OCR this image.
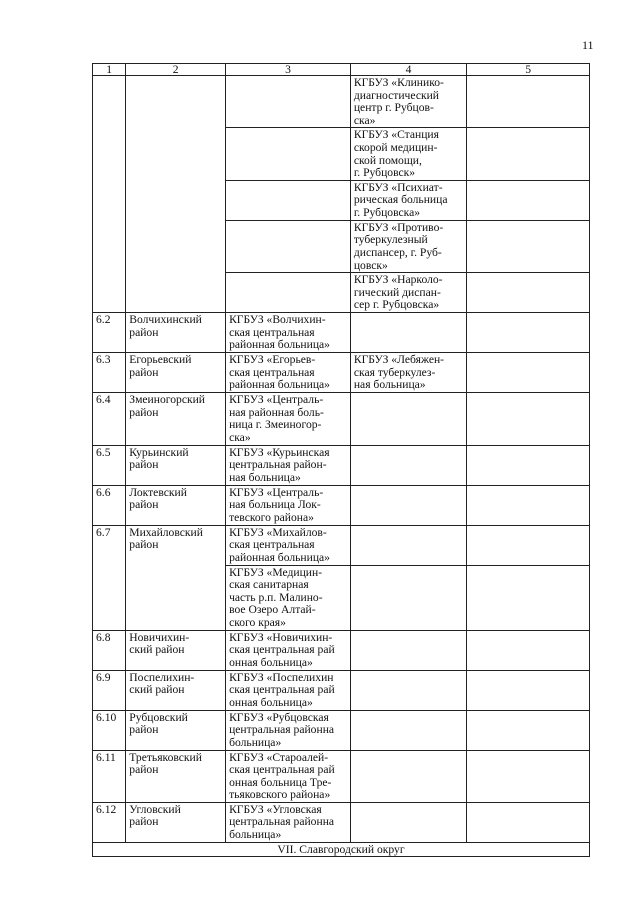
11
1	2	3	4	5

			КГБУЗ «Клинико-
диагностический
центр г. Рубцов-
ска»	

			КГБУЗ «Станция
скорой медицин-
ской помощи,
г. Рубцовск»	

			КГБУЗ «Психиат-
рическая больница
г. Рубцовска»	

			КГБУЗ «Противо-
туберкулезный
диспансер, г. Руб-
цовск»	

			КГБУЗ «Нарколо-
гический диспан-
сер г. Рубцовска»	

6.2	Волчихинский
район	КГБУЗ «Волчихин-
ская центральная
районная больница»		

6.3	Егорьевский
район	КГБУЗ «Егорьев-
ская центральная
районная больница»	КГБУЗ «Лебяжен-
ская туберкулез-
ная больница»	

6.4	Змеиногорский
район	КГБУЗ «Централь-
ная районная боль-
ница г. Змеиногор-
ска»		

6.5	Курьинский
район	КГБУЗ «Курьинская
центральная район-
ная больница»		

6.6	Локтевский
район	КГБУЗ «Централь-
ная больница Лок-
тевского района»		

6.7	Михайловский
район	КГБУЗ «Михайлов-
ская центральная
районная больница»		

		КГБУЗ «Медицин-
ская санитарная
часть р.п. Малино-
вое Озеро Алтай-
ского края»		

6.8	Новичихин-
ский район	КГБУЗ «Новичихин-
ская центральная рай
онная больница»		

6.9	Поспелихин-
ский район	КГБУЗ «Поспелихин
ская центральная рай
онная больница»		

6.10	Рубцовский
район	КГБУЗ «Рубцовская
центральная районна
больница»		

6.11	Третьяковский
район	КГБУЗ «Староалей-
ская центральная рай
онная больница Тре-
тьяковского района»		

6.12	Угловский
район	КГБУЗ «Угловская
центральная районна
больница»		

VII. Славгородский округ				
